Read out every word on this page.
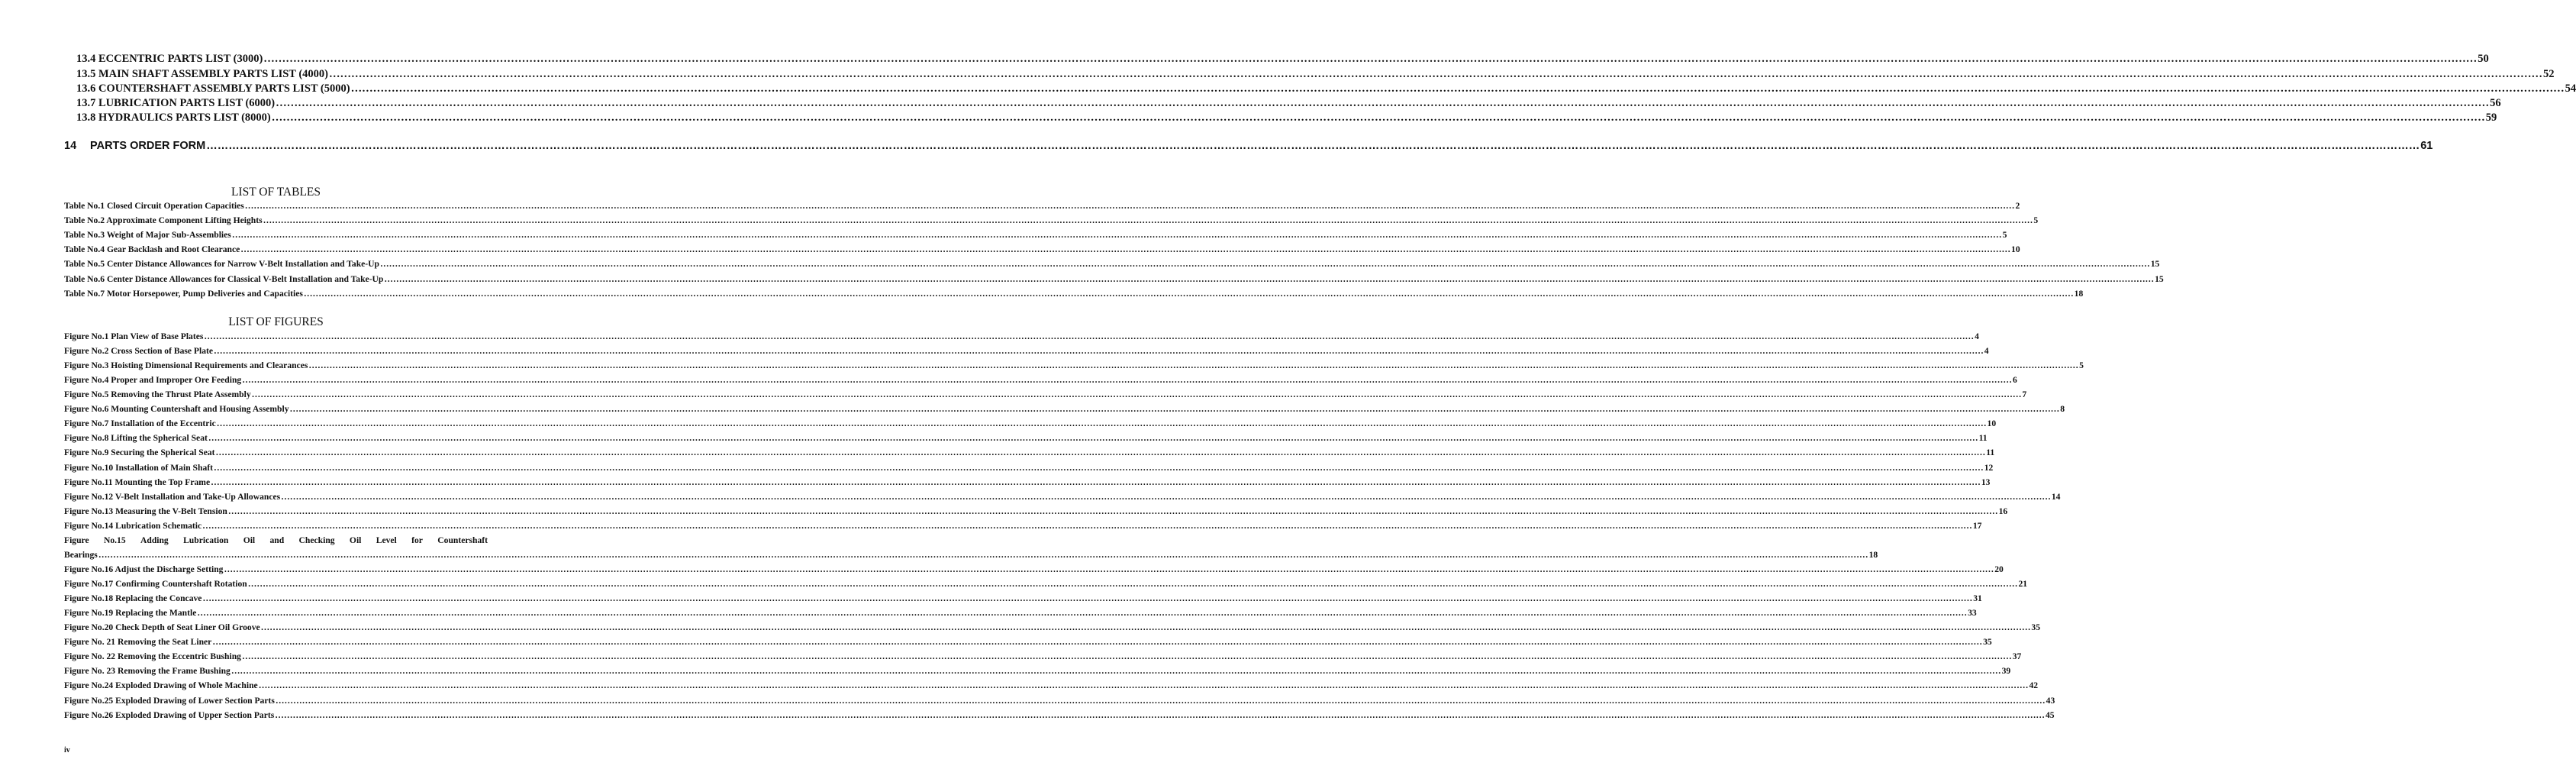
13.4 ECCENTRIC PARTS LIST (3000) …………………………………………………………………………………………………………………………………………………………………………………………………………………………………………………………………………………………………………………………………………………………………………………………………………………………………………………………………………………………………………………………………………………… 50
13.5 MAIN SHAFT ASSEMBLY PARTS LIST (4000) …………………………………………………………………………………………………………………………………………………………………………………………………………………………………………………………………………………………………………………………………………………………………………………………………………………………………………………………………………………………………………………………………………………… 52
13.6 COUNTERSHAFT ASSEMBLY PARTS LIST (5000) …………………………………………………………………………………………………………………………………………………………………………………………………………………………………………………………………………………………………………………………………………………………………………………………………………………………………………………………………………………………………………………………………………………… 54
13.7 LUBRICATION PARTS LIST (6000) …………………………………………………………………………………………………………………………………………………………………………………………………………………………………………………………………………………………………………………………………………………………………………………………………………………………………………………………………………………………………………………………………………………… 56
13.8 HYDRAULICS PARTS LIST (8000) …………………………………………………………………………………………………………………………………………………………………………………………………………………………………………………………………………………………………………………………………………………………………………………………………………………………………………………………………………………………………………………………………………………… 59
14 PARTS ORDER FORM …………………………………………………………………………………………………………………………………………………………………………………………………………………………………………………………………………………………………………………………………………………………………………………………………………………………………………………………………………………………………………………………………………………… 61
LIST OF TABLES
Table No.1 Closed Circuit Operation Capacities …………………………………………………………………………………………………………………………………………………………………………………………………………………………………………………………………………………………………………………………………………………………………………………………………………………………………………………………………………………………………………………………………………………… 2
Table No.2 Approximate Component Lifting Heights …………………………………………………………………………………………………………………………………………………………………………………………………………………………………………………………………………………………………………………………………………………………………………………………………………………………………………………………………………………………………………………………………………………… 5
Table No.3 Weight of Major Sub-Assemblies …………………………………………………………………………………………………………………………………………………………………………………………………………………………………………………………………………………………………………………………………………………………………………………………………………………………………………………………………………………………………………………………………………………… 5
Table No.4 Gear Backlash and Root Clearance …………………………………………………………………………………………………………………………………………………………………………………………………………………………………………………………………………………………………………………………………………………………………………………………………………………………………………………………………………………………………………………………………………………… 10
Table No.5 Center Distance Allowances for Narrow V-Belt Installation and Take-Up …………………………………………………………………………………………………………………………………………………………………………………………………………………………………………………………………………………………………………………………………………………………………………………………………………………………………………………………………………………………………………………………………………………… 15
Table No.6 Center Distance Allowances for Classical V-Belt Installation and Take-Up …………………………………………………………………………………………………………………………………………………………………………………………………………………………………………………………………………………………………………………………………………………………………………………………………………………………………………………………………………………………………………………………………………………… 15
Table No.7 Motor Horsepower, Pump Deliveries and Capacities …………………………………………………………………………………………………………………………………………………………………………………………………………………………………………………………………………………………………………………………………………………………………………………………………………………………………………………………………………………………………………………………………………………… 18
LIST OF FIGURES
Figure No.1 Plan View of Base Plates …………………………………………………………………………………………………………………………………………………………………………………………………………………………………………………………………………………………………………………………………………………………………………………………………………………………………………………………………………………………………………………………………………………… 4
Figure No.2 Cross Section of Base Plate …………………………………………………………………………………………………………………………………………………………………………………………………………………………………………………………………………………………………………………………………………………………………………………………………………………………………………………………………………………………………………………………………………………… 4
Figure No.3 Hoisting Dimensional Requirements and Clearances …………………………………………………………………………………………………………………………………………………………………………………………………………………………………………………………………………………………………………………………………………………………………………………………………………………………………………………………………………………………………………………………………………………… 5
Figure No.4 Proper and Improper Ore Feeding …………………………………………………………………………………………………………………………………………………………………………………………………………………………………………………………………………………………………………………………………………………………………………………………………………………………………………………………………………………………………………………………………………………… 6
Figure No.5 Removing the Thrust Plate Assembly …………………………………………………………………………………………………………………………………………………………………………………………………………………………………………………………………………………………………………………………………………………………………………………………………………………………………………………………………………………………………………………………………………………… 7
Figure No.6 Mounting Countershaft and Housing Assembly …………………………………………………………………………………………………………………………………………………………………………………………………………………………………………………………………………………………………………………………………………………………………………………………………………………………………………………………………………………………………………………………………………………… 8
Figure No.7 Installation of the Eccentric …………………………………………………………………………………………………………………………………………………………………………………………………………………………………………………………………………………………………………………………………………………………………………………………………………………………………………………………………………………………………………………………………………………… 10
Figure No.8 Lifting the Spherical Seat …………………………………………………………………………………………………………………………………………………………………………………………………………………………………………………………………………………………………………………………………………………………………………………………………………………………………………………………………………………………………………………………………………………… 11
Figure No.9 Securing the Spherical Seat …………………………………………………………………………………………………………………………………………………………………………………………………………………………………………………………………………………………………………………………………………………………………………………………………………………………………………………………………………………………………………………………………………………… 11
Figure No.10 Installation of Main Shaft …………………………………………………………………………………………………………………………………………………………………………………………………………………………………………………………………………………………………………………………………………………………………………………………………………………………………………………………………………………………………………………………………………………… 12
Figure No.11 Mounting the Top Frame …………………………………………………………………………………………………………………………………………………………………………………………………………………………………………………………………………………………………………………………………………………………………………………………………………………………………………………………………………………………………………………………………………………… 13
Figure No.12 V-Belt Installation and Take-Up Allowances …………………………………………………………………………………………………………………………………………………………………………………………………………………………………………………………………………………………………………………………………………………………………………………………………………………………………………………………………………………………………………………………………………………… 14
Figure No.13 Measuring the V-Belt Tension …………………………………………………………………………………………………………………………………………………………………………………………………………………………………………………………………………………………………………………………………………………………………………………………………………………………………………………………………………………………………………………………………………………… 16
Figure No.14 Lubrication Schematic …………………………………………………………………………………………………………………………………………………………………………………………………………………………………………………………………………………………………………………………………………………………………………………………………………………………………………………………………………………………………………………………………………………… 17
Figure No.15 Adding Lubrication Oil and Checking Oil Level for Countershaft
Bearings …………………………………………………………………………………………………………………………………………………………………………………………………………………………………………………………………………………………………………………………………………………………………………………………………………………………………………………………………………………………………………………………………………………… 18
Figure No.16 Adjust the Discharge Setting …………………………………………………………………………………………………………………………………………………………………………………………………………………………………………………………………………………………………………………………………………………………………………………………………………………………………………………………………………………………………………………………………………………… 20
Figure No.17 Confirming Countershaft Rotation …………………………………………………………………………………………………………………………………………………………………………………………………………………………………………………………………………………………………………………………………………………………………………………………………………………………………………………………………………………………………………………………………………………… 21
Figure No.18 Replacing the Concave …………………………………………………………………………………………………………………………………………………………………………………………………………………………………………………………………………………………………………………………………………………………………………………………………………………………………………………………………………………………………………………………………………………… 31
Figure No.19 Replacing the Mantle …………………………………………………………………………………………………………………………………………………………………………………………………………………………………………………………………………………………………………………………………………………………………………………………………………………………………………………………………………………………………………………………………………………… 33
Figure No.20 Check Depth of Seat Liner Oil Groove …………………………………………………………………………………………………………………………………………………………………………………………………………………………………………………………………………………………………………………………………………………………………………………………………………………………………………………………………………………………………………………………………………………… 35
Figure No. 21 Removing the Seat Liner …………………………………………………………………………………………………………………………………………………………………………………………………………………………………………………………………………………………………………………………………………………………………………………………………………………………………………………………………………………………………………………………………………………… 35
Figure No. 22 Removing the Eccentric Bushing …………………………………………………………………………………………………………………………………………………………………………………………………………………………………………………………………………………………………………………………………………………………………………………………………………………………………………………………………………………………………………………………………………………… 37
Figure No. 23 Removing the Frame Bushing …………………………………………………………………………………………………………………………………………………………………………………………………………………………………………………………………………………………………………………………………………………………………………………………………………………………………………………………………………………………………………………………………………………… 39
Figure No.24 Exploded Drawing of Whole Machine …………………………………………………………………………………………………………………………………………………………………………………………………………………………………………………………………………………………………………………………………………………………………………………………………………………………………………………………………………………………………………………………………………………… 42
Figure No.25 Exploded Drawing of Lower Section Parts …………………………………………………………………………………………………………………………………………………………………………………………………………………………………………………………………………………………………………………………………………………………………………………………………………………………………………………………………………………………………………………………………………………… 43
Figure No.26 Exploded Drawing of Upper Section Parts …………………………………………………………………………………………………………………………………………………………………………………………………………………………………………………………………………………………………………………………………………………………………………………………………………………………………………………………………………………………………………………………………………………… 45
iv
